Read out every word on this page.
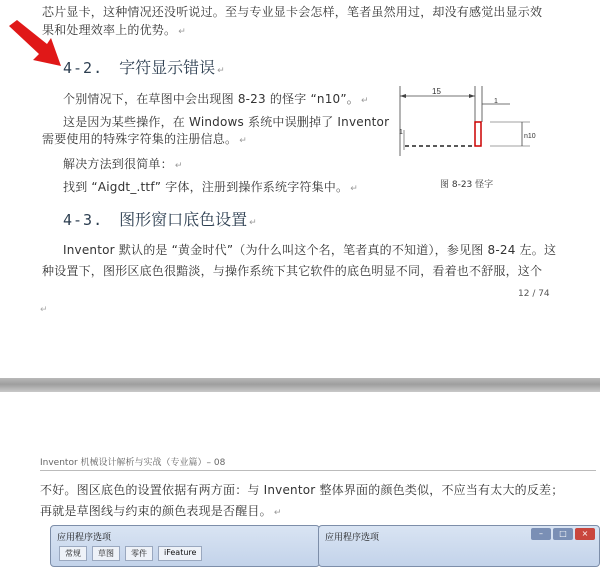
芯片显卡，这种情况还没听说过。至与专业显卡会怎样，笔者虽然用过，却没有感觉出显示效
果和处理效率上的优势。 ↵
4-2. 字符显示错误 ↵
个别情况下，在草图中会出现图 8-23 的怪字 “n10”。 ↵
这是因为某些操作，在 Windows 系统中误删掉了 Inventor
需要使用的特殊字符集的注册信息。 ↵
解决方法到很简单： ↵
找到 “Aigdt_.ttf” 字体，注册到操作系统字符集中。 ↵
15
1
n10
1
图 8-23 怪字
4-3. 图形窗口底色设置 ↵
Inventor 默认的是 “黄金时代”（为什么叫这个名，笔者真的不知道），参见图 8-24 左。这
种设置下，图形区底色很黯淡，与操作系统下其它软件的底色明显不同，看着也不舒服，这个
12 / 74
↵
Inventor 机械设计解析与实战（专业篇）– 08
不好。图区底色的设置依据有两方面：与 Inventor 整体界面的颜色类似，不应当有太大的反差；
再就是草图线与约束的颜色表现是否醒目。 ↵
应用程序选项
常规	草图	零件	iFeature
应用程序选项	–	□	×
